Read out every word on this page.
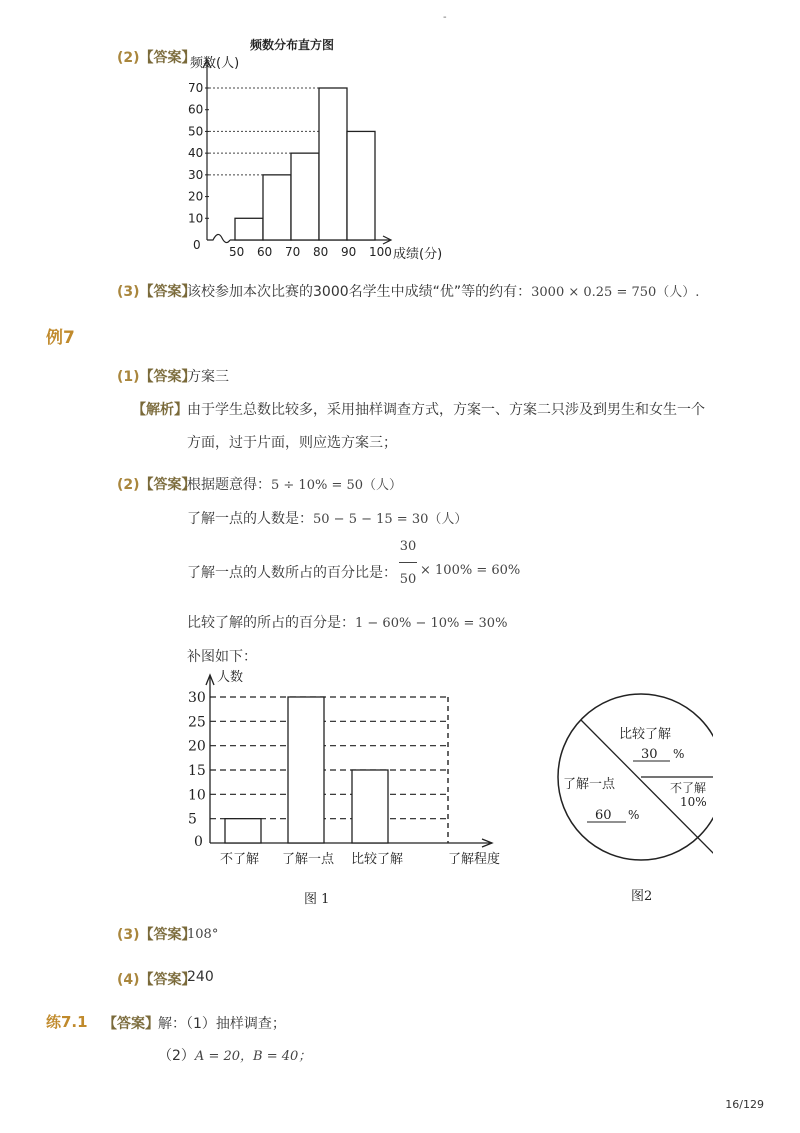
-
(2)【答案】
频数分布直方图
频数(人)
成绩(分)
0
10
20
30
40
50
60
70
50 60 70 80 90 100
(3)【答案】
该校参加本次比赛的3000名学生中成绩“优”等的约有：3000 × 0.25 = 750（人）.
例7
(1)【答案】
方案三
【解析】 由于学生总数比较多，采用抽样调查方式，方案一、方案二只涉及到男生和女生一个
方面，过于片面，则应选方案三；
(2)【答案】
根据题意得：5 ÷ 10% = 50（人）
了解一点的人数是：50 − 5 − 15 = 30（人）
了解一点的人数所占的百分比是：
30
50
× 100% = 60%
比较了解的所占的百分是：1 − 60% − 10% = 30%
补图如下：
人数
了解程度
0
5
10
15
20
25
30
不了解 了解一点 比较了解
图 1
比较了解
30 %
了解一点
60 %
不了解
10%
图2
(3)【答案】
108°
(4)【答案】
240
练7.1 【答案】 解：（1）抽样调查；
（2）A = 20，B = 40；
16/129
